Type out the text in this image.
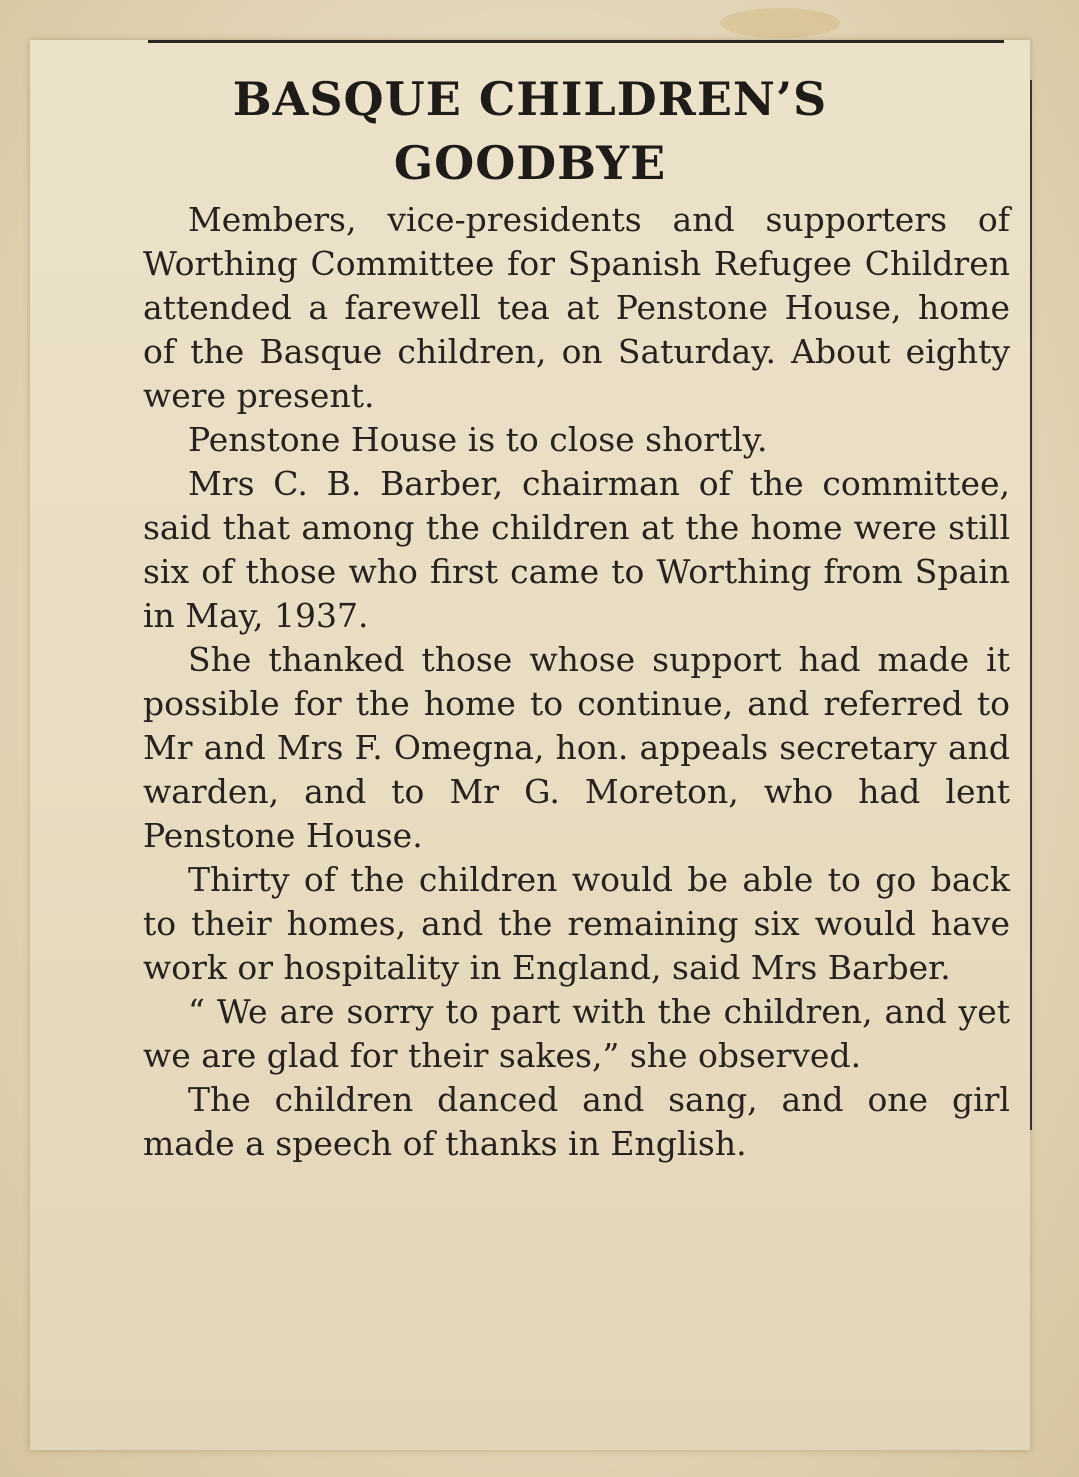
BASQUE CHILDREN’S
GOODBYE

Members, vice-presidents and supporters of Worthing Committee for Spanish Refugee Children attended a farewell tea at Penstone House, home of the Basque children, on Saturday. About eighty were present.

Penstone House is to close shortly.

Mrs C. B. Barber, chairman of the committee, said that among the children at the home were still six of those who first came to Worthing from Spain in May, 1937.

She thanked those whose support had made it possible for the home to continue, and referred to Mr and Mrs F. Omegna, hon. appeals secretary and warden, and to Mr G. Moreton, who had lent Penstone House.

Thirty of the children would be able to go back to their homes, and the remaining six would have work or hospitality in England, said Mrs Barber.

“ We are sorry to part with the children, and yet we are glad for their sakes,” she observed.

The children danced and sang, and one girl made a speech of thanks in English.
